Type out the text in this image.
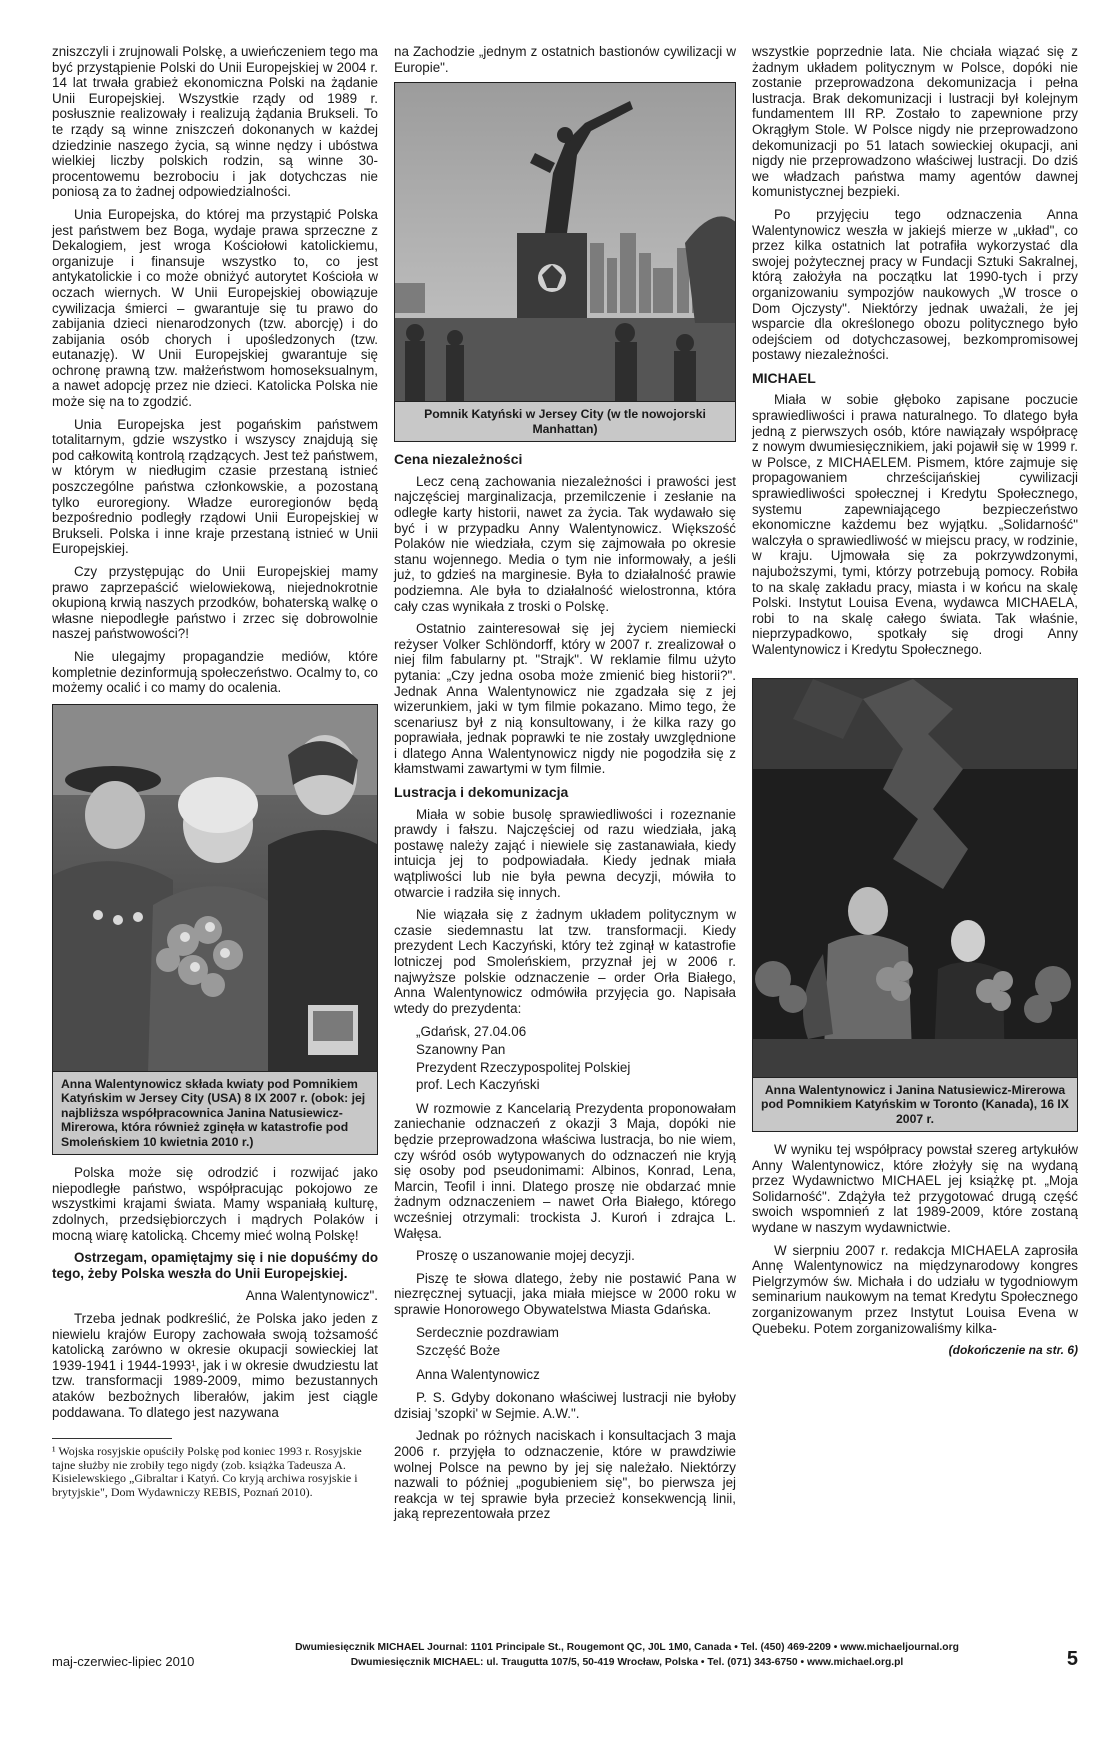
zniszczyli i zrujnowali Polskę, a uwieńczeniem tego ma być przystąpienie Polski do Unii Europejskiej w 2004 r. 14 lat trwała grabież ekonomiczna Polski na żądanie Unii Europejskiej. Wszystkie rządy od 1989 r. posłusznie realizowały i realizują żądania Brukseli. To te rządy są winne zniszczeń dokonanych w każdej dziedzinie naszego życia, są winne nędzy i ubóstwa wielkiej liczby polskich rodzin, są winne 30-procentowemu bezrobociu i jak dotychczas nie poniosą za to żadnej odpowiedzialności.

Unia Europejska, do której ma przystąpić Polska jest państwem bez Boga, wydaje prawa sprzeczne z Dekalogiem, jest wroga Kościołowi katolickiemu, organizuje i finansuje wszystko to, co jest antykatolickie i co może obniżyć autorytet Kościoła w oczach wiernych. W Unii Europejskiej obowiązuje cywilizacja śmierci – gwarantuje się tu prawo do zabijania dzieci nienarodzonych (tzw. aborcję) i do zabijania osób chorych i upośledzonych (tzw. eutanazję). W Unii Europejskiej gwarantuje się ochronę prawną tzw. małżeństwom homoseksualnym, a nawet adopcję przez nie dzieci. Katolicka Polska nie może się na to zgodzić.

Unia Europejska jest pogańskim państwem totalitarnym, gdzie wszystko i wszyscy znajdują się pod całkowitą kontrolą rządzących. Jest też państwem, w którym w niedługim czasie przestaną istnieć poszczególne państwa członkowskie, a pozostaną tylko euroregiony. Władze euroregionów będą bezpośrednio podległy rządowi Unii Europejskiej w Brukseli. Polska i inne kraje przestaną istnieć w Unii Europejskiej.

Czy przystępując do Unii Europejskiej mamy prawo zaprzepaścić wielowiekową, niejednokrotnie okupioną krwią naszych przodków, bohaterską walkę o własne niepodległe państwo i zrzec się dobrowolnie naszej państwowości?!

Nie ulegajmy propagandzie mediów, które kompletnie dezinformują społeczeństwo. Ocalmy to, co możemy ocalić i co mamy do ocalenia.

Anna Walentynowicz składa kwiaty pod Pomnikiem Katyńskim w Jersey City (USA) 8 IX 2007 r. (obok: jej najbliższa współpracownica Janina Natusiewicz-Mirerowa, która również zginęła w katastrofie pod Smoleńskiem 10 kwietnia 2010 r.)

Polska może się odrodzić i rozwijać jako niepodległe państwo, współpracując pokojowo ze wszystkimi krajami świata. Mamy wspaniałą kulturę, zdolnych, przedsiębiorczych i mądrych Polaków i mocną wiarę katolicką. Chcemy mieć wolną Polskę!

Ostrzegam, opamiętajmy się i nie dopuśćmy do tego, żeby Polska weszła do Unii Europejskiej.

Anna Walentynowicz".

Trzeba jednak podkreślić, że Polska jako jeden z niewielu krajów Europy zachowała swoją tożsamość katolicką zarówno w okresie okupacji sowieckiej lat 1939-1941 i 1944-1993¹, jak i w okresie dwudziestu lat tzw. transformacji 1989-2009, mimo bezustannych ataków bezbożnych liberałów, jakim jest ciągle poddawana. To dlatego jest nazywana

¹ Wojska rosyjskie opuściły Polskę pod koniec 1993 r. Rosyjskie tajne służby nie zrobiły tego nigdy (zob. książka Tadeusza A. Kisielewskiego „Gibraltar i Katyń. Co kryją archiwa rosyjskie i brytyjskie", Dom Wydawniczy REBIS, Poznań 2010).

na Zachodzie „jednym z ostatnich bastionów cywilizacji w Europie".

Pomnik Katyński w Jersey City (w tle nowojorski Manhattan)
Cena niezależności

Lecz ceną zachowania niezależności i prawości jest najczęściej marginalizacja, przemilczenie i zesłanie na odległe karty historii, nawet za życia. Tak wydawało się być i w przypadku Anny Walentynowicz. Większość Polaków nie wiedziała, czym się zajmowała po okresie stanu wojennego. Media o tym nie informowały, a jeśli już, to gdzieś na marginesie. Była to działalność prawie podziemna. Ale była to działalność wielostronna, która cały czas wynikała z troski o Polskę.

Ostatnio zainteresował się jej życiem niemiecki reżyser Volker Schlöndorff, który w 2007 r. zrealizował o niej film fabularny pt. "Strajk". W reklamie filmu użyto pytania: „Czy jedna osoba może zmienić bieg historii?". Jednak Anna Walentynowicz nie zgadzała się z jej wizerunkiem, jaki w tym filmie pokazano. Mimo tego, że scenariusz był z nią konsultowany, i że kilka razy go poprawiała, jednak poprawki te nie zostały uwzględnione i dlatego Anna Walentynowicz nigdy nie pogodziła się z kłamstwami zawartymi w tym filmie.

Lustracja i dekomunizacja

Miała w sobie busolę sprawiedliwości i rozeznanie prawdy i fałszu. Najczęściej od razu wiedziała, jaką postawę należy zająć i niewiele się zastanawiała, kiedy intuicja jej to podpowiadała. Kiedy jednak miała wątpliwości lub nie była pewna decyzji, mówiła to otwarcie i radziła się innych.

Nie wiązała się z żadnym układem politycznym w czasie siedemnastu lat tzw. transformacji. Kiedy prezydent Lech Kaczyński, który też zginął w katastrofie lotniczej pod Smoleńskiem, przyznał jej w 2006 r. najwyższe polskie odznaczenie – order Orła Białego, Anna Walentynowicz odmówiła przyjęcia go. Napisała wtedy do prezydenta:

„Gdańsk, 27.04.06

Szanowny Pan

Prezydent Rzeczypospolitej Polskiej

prof. Lech Kaczyński

W rozmowie z Kancelarią Prezydenta proponowałam zaniechanie odznaczeń z okazji 3 Maja, dopóki nie będzie przeprowadzona właściwa lustracja, bo nie wiem, czy wśród osób wytypowanych do odznaczeń nie kryją się osoby pod pseudonimami: Albinos, Konrad, Lena, Marcin, Teofil i inni. Dlatego proszę nie obdarzać mnie żadnym odznaczeniem – nawet Orła Białego, którego wcześniej otrzymali: trockista J. Kuroń i zdrajca L. Wałęsa.

Proszę o uszanowanie mojej decyzji.

Piszę te słowa dlatego, żeby nie postawić Pana w niezręcznej sytuacji, jaka miała miejsce w 2000 roku w sprawie Honorowego Obywatelstwa Miasta Gdańska.

Serdecznie pozdrawiam

Szczęść Boże

Anna Walentynowicz

P. S. Gdyby dokonano właściwej lustracji nie byłoby dzisiaj 'szopki' w Sejmie. A.W.".

Jednak po różnych naciskach i konsultacjach 3 maja 2006 r. przyjęła to odznaczenie, które w prawdziwie wolnej Polsce na pewno by jej się należało. Niektórzy nazwali to później „pogubieniem się", bo pierwsza jej reakcja w tej sprawie była przecież konsekwencją linii, jaką reprezentowała przez

wszystkie poprzednie lata. Nie chciała wiązać się z żadnym układem politycznym w Polsce, dopóki nie zostanie przeprowadzona dekomunizacja i pełna lustracja. Brak dekomunizacji i lustracji był kolejnym fundamentem III RP. Zostało to zapewnione przy Okrągłym Stole. W Polsce nigdy nie przeprowadzono dekomunizacji po 51 latach sowieckiej okupacji, ani nigdy nie przeprowadzono właściwej lustracji. Do dziś we władzach państwa mamy agentów dawnej komunistycznej bezpieki.

Po przyjęciu tego odznaczenia Anna Walentynowicz weszła w jakiejś mierze w „układ", co przez kilka ostatnich lat potrafiła wykorzystać dla swojej pożytecznej pracy w Fundacji Sztuki Sakralnej, którą założyła na początku lat 1990-tych i przy organizowaniu sympozjów naukowych „W trosce o Dom Ojczysty". Niektórzy jednak uważali, że jej wsparcie dla określonego obozu politycznego było odejściem od dotychczasowej, bezkompromisowej postawy niezależności.

MICHAEL

Miała w sobie głęboko zapisane poczucie sprawiedliwości i prawa naturalnego. To dlatego była jedną z pierwszych osób, które nawiązały współpracę z nowym dwumiesięcznikiem, jaki pojawił się w 1999 r. w Polsce, z MICHAELEM. Pismem, które zajmuje się propagowaniem chrześcijańskiej cywilizacji sprawiedliwości społecznej i Kredytu Społecznego, systemu zapewniającego bezpieczeństwo ekonomiczne każdemu bez wyjątku. „Solidarność" walczyła o sprawiedliwość w miejscu pracy, w rodzinie, w kraju. Ujmowała się za pokrzywdzonymi, najuboższymi, tymi, którzy potrzebują pomocy. Robiła to na skalę zakładu pracy, miasta i w końcu na skalę Polski. Instytut Louisa Evena, wydawca MICHAELA, robi to na skalę całego świata. Tak właśnie, nieprzypadkowo, spotkały się drogi Anny Walentynowicz i Kredytu Społecznego.

Anna Walentynowicz i Janina Natusiewicz-Mirerowa pod Pomnikiem Katyńskim w Toronto (Kanada), 16 IX 2007 r.

W wyniku tej współpracy powstał szereg artykułów Anny Walentynowicz, które złożyły się na wydaną przez Wydawnictwo MICHAEL jej książkę pt. „Moja Solidarność". Zdążyła też przygotować drugą część swoich wspomnień z lat 1989-2009, które zostaną wydane w naszym wydawnictwie.

W sierpniu 2007 r. redakcja MICHAELA zaprosiła Annę Walentynowicz na międzynarodowy kongres Pielgrzymów św. Michała i do udziału w tygodniowym seminarium naukowym na temat Kredytu Społecznego zorganizowanym przez Instytut Louisa Evena w Quebeku. Potem zorganizowaliśmy kilka-

(dokończenie na str. 6)

maj-czerwiec-lipiec 2010
Dwumiesięcznik MICHAEL Journal: 1101 Principale St., Rougemont QC, J0L 1M0, Canada • Tel. (450) 469-2209 • www.michaeljournal.org
Dwumiesięcznik MICHAEL: ul. Traugutta 107/5, 50-419 Wrocław, Polska • Tel. (071) 343-6750 • www.michael.org.pl	5
